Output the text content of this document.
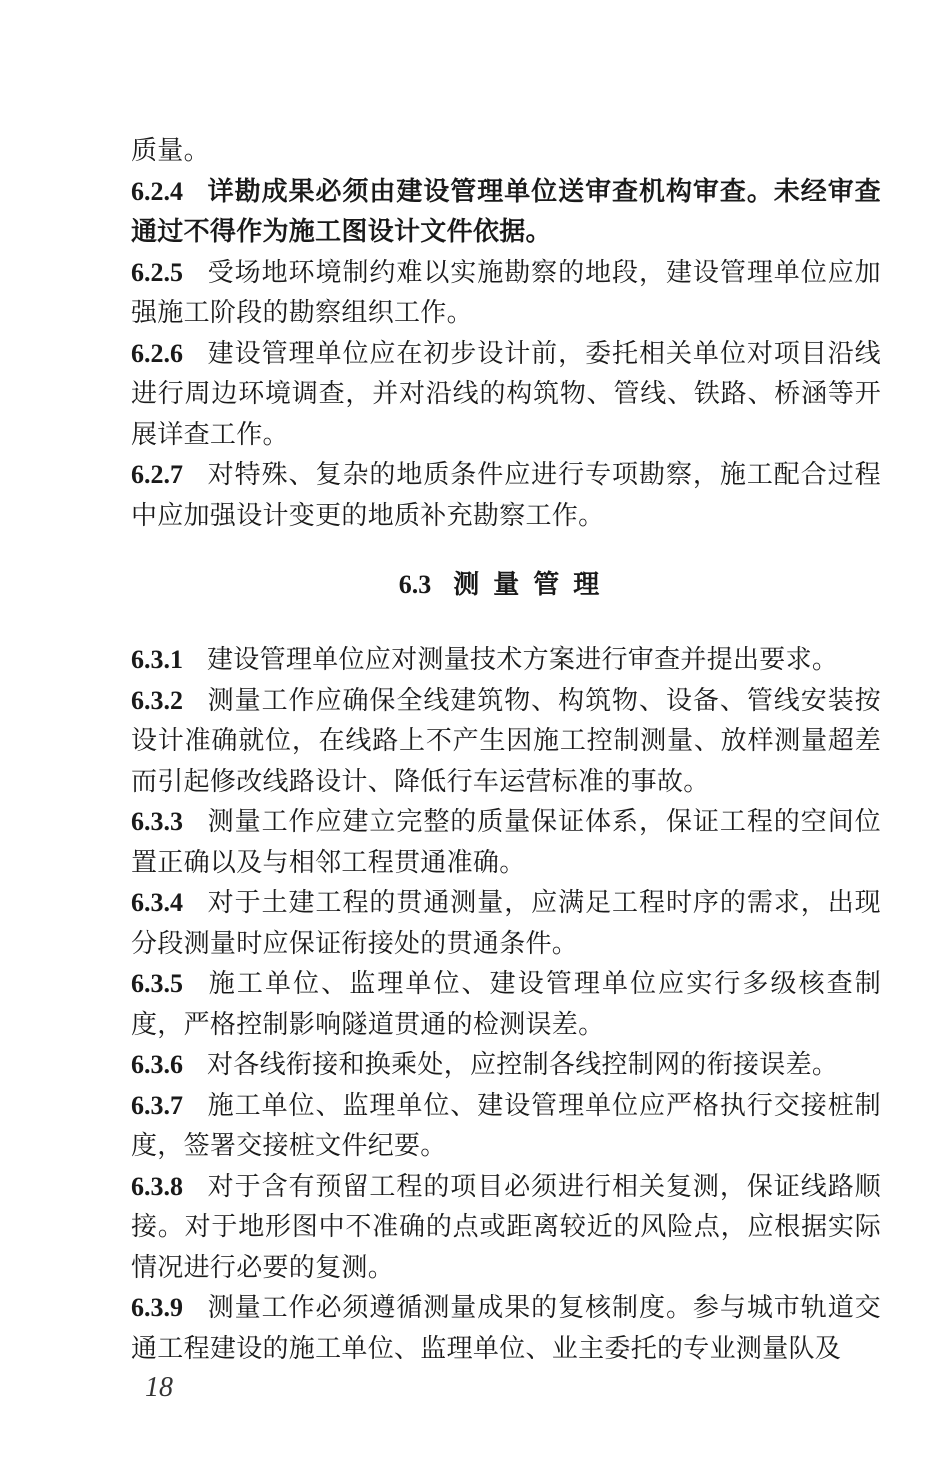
质量。

6.2.4 详勘成果必须由建设管理单位送审查机构审查。未经审查通过不得作为施工图设计文件依据。

6.2.5 受场地环境制约难以实施勘察的地段，建设管理单位应加强施工阶段的勘察组织工作。

6.2.6 建设管理单位应在初步设计前，委托相关单位对项目沿线进行周边环境调查，并对沿线的构筑物、管线、铁路、桥涵等开展详查工作。

6.2.7 对特殊、复杂的地质条件应进行专项勘察，施工配合过程中应加强设计变更的地质补充勘察工作。

6.3 测量管理

6.3.1 建设管理单位应对测量技术方案进行审查并提出要求。

6.3.2 测量工作应确保全线建筑物、构筑物、设备、管线安装按设计准确就位，在线路上不产生因施工控制测量、放样测量超差而引起修改线路设计、降低行车运营标准的事故。

6.3.3 测量工作应建立完整的质量保证体系，保证工程的空间位置正确以及与相邻工程贯通准确。

6.3.4 对于土建工程的贯通测量，应满足工程时序的需求，出现分段测量时应保证衔接处的贯通条件。

6.3.5 施工单位、监理单位、建设管理单位应实行多级核查制度，严格控制影响隧道贯通的检测误差。

6.3.6 对各线衔接和换乘处，应控制各线控制网的衔接误差。

6.3.7 施工单位、监理单位、建设管理单位应严格执行交接桩制度，签署交接桩文件纪要。

6.3.8 对于含有预留工程的项目必须进行相关复测，保证线路顺接。对于地形图中不准确的点或距离较近的风险点，应根据实际情况进行必要的复测。

6.3.9 测量工作必须遵循测量成果的复核制度。参与城市轨道交通工程建设的施工单位、监理单位、业主委托的专业测量队及

18
